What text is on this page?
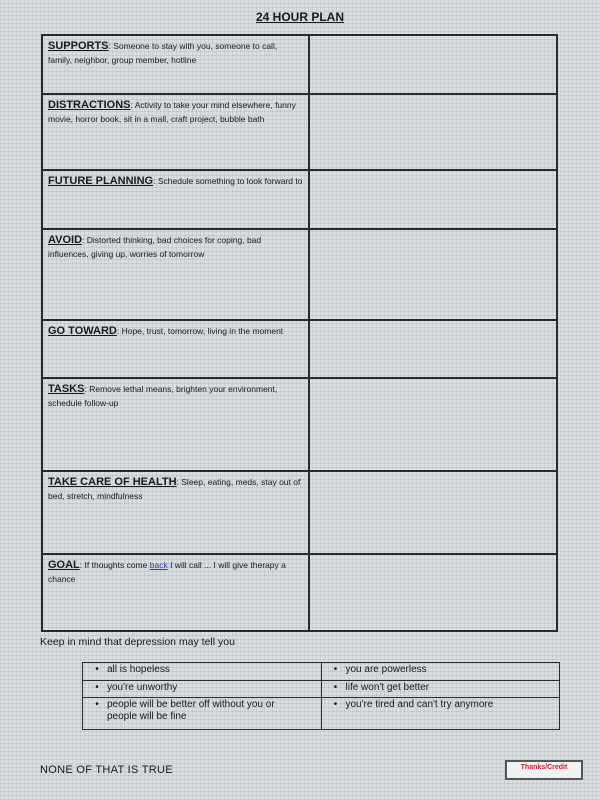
24 HOUR PLAN
SUPPORTS: Someone to stay with you, someone to call, family, neighbor, group member, hotline	
DISTRACTIONS: Activity to take your mind elsewhere, funny movie, horror book, sit in a mall, craft project, bubble bath	
FUTURE PLANNING: Schedule something to look forward to	
AVOID: Distorted thinking, bad choices for coping, bad influences, giving up, worries of tomorrow	
GO TOWARD: Hope, trust, tomorrow, living in the moment	
TASKS: Remove lethal means, brighten your environment, schedule follow-up	
TAKE CARE OF HEALTH: Sleep, eating, meds, stay out of bed, stretch, mindfulness	
GOAL: If thoughts come back I will call ... I will give therapy a chance	
Keep in mind that depression may tell you
• all is hopeless	• you are powerless
• you're unworthy	• life won't get better
• people will be better off without you or people will be fine	• you're tired and can't try anymore
NONE OF THAT IS TRUE	Thanks/Credit
